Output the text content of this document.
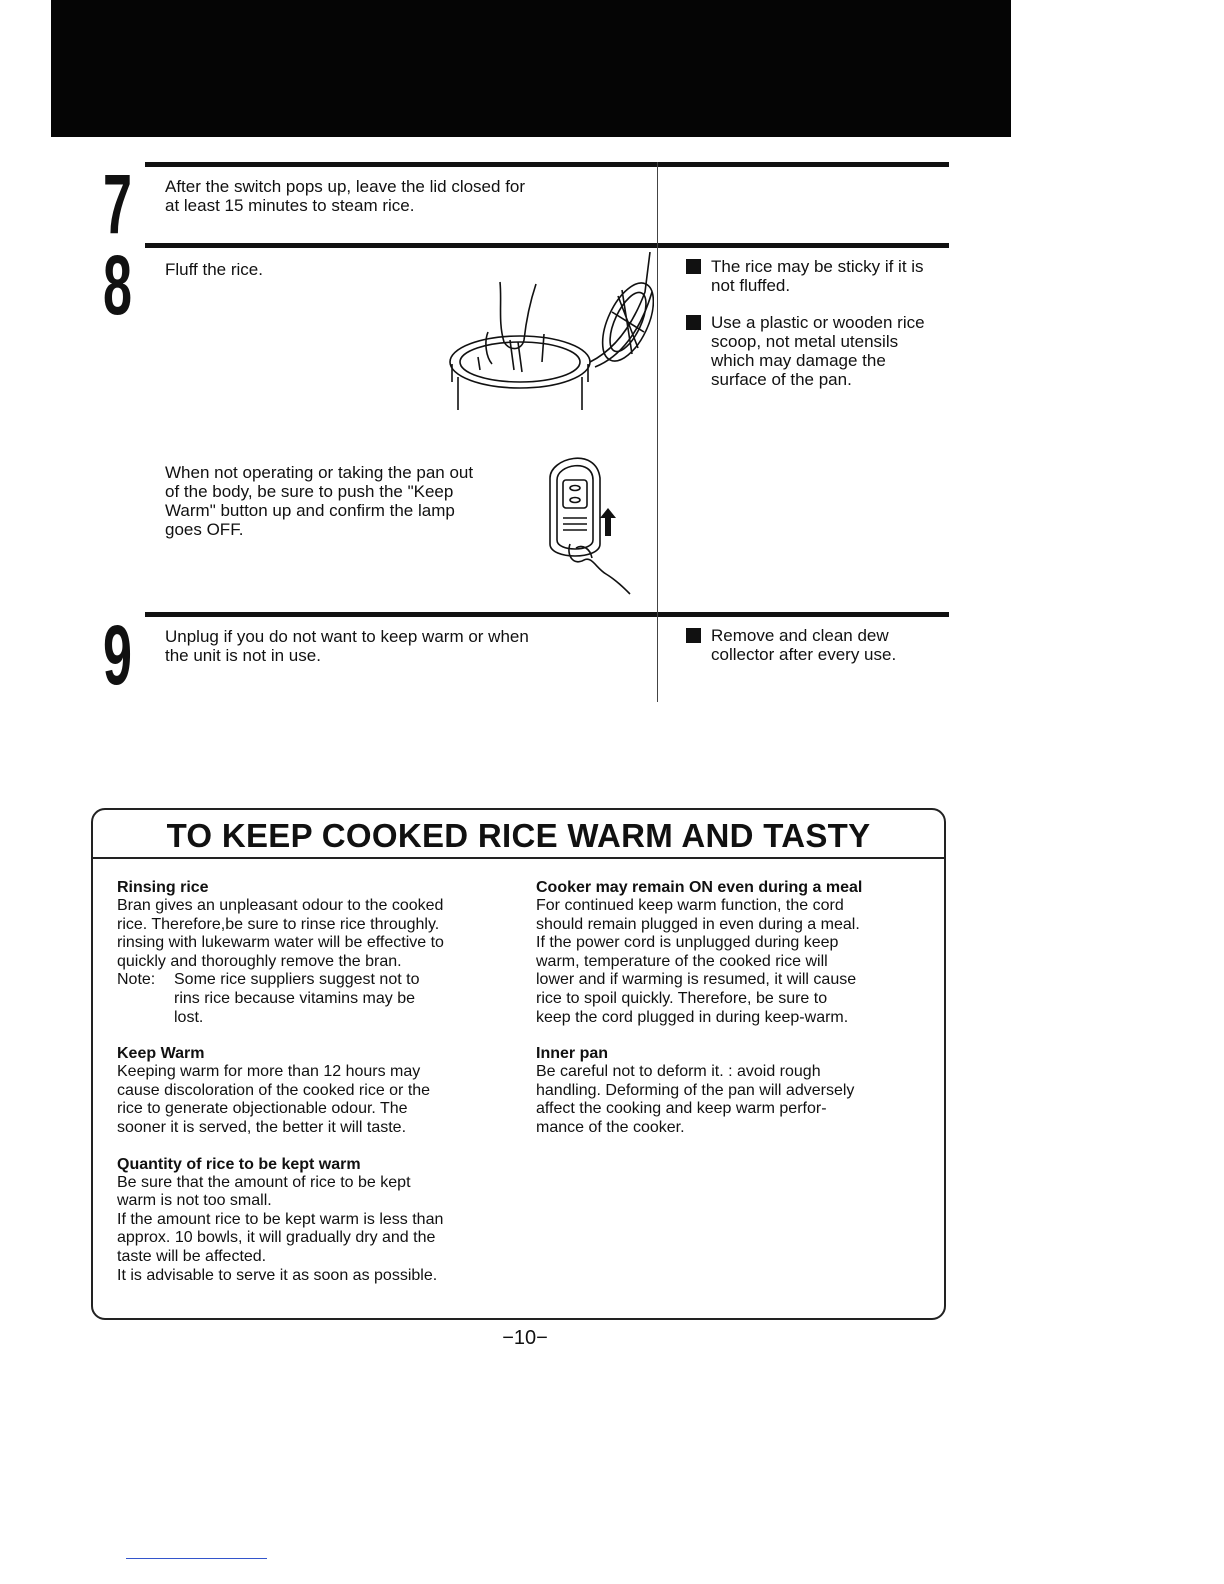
7 After the switch pops up, leave the lid closed for
at least 15 minutes to steam rice.
8 Fluff the rice.
When not operating or taking the pan out
of the body, be sure to push the "Keep
Warm" button up and confirm the lamp
goes OFF.
9 Unplug if you do not want to keep warm or when
the unit is not in use.
The rice may be sticky if it is
not fluffed.
Use a plastic or wooden rice
scoop, not metal utensils
which may damage the
surface of the pan.
Remove and clean dew
collector after every use.
TO KEEP COOKED RICE WARM AND TASTY
Rinsing rice
Bran gives an unpleasant odour to the cooked
rice. Therefore,be sure to rinse rice throughly.
rinsing with lukewarm water will be effective to
quickly and thoroughly remove the bran.
Note:	Some rice suppliers suggest not to
rins rice because vitamins may be
lost.
Keep Warm
Keeping warm for more than 12 hours may
cause discoloration of the cooked rice or the
rice to generate objectionable odour. The
sooner it is served, the better it will taste.
Quantity of rice to be kept warm
Be sure that the amount of rice to be kept
warm is not too small.
If the amount rice to be kept warm is less than
approx. 10 bowls, it will gradually dry and the
taste will be affected.
It is advisable to serve it as soon as possible.
Cooker may remain ON even during a meal
For continued keep warm function, the cord
should remain plugged in even during a meal.
If the power cord is unplugged during keep
warm, temperature of the cooked rice will
lower and if warming is resumed, it will cause
rice to spoil quickly. Therefore, be sure to
keep the cord plugged in during keep-warm.
Inner pan
Be careful not to deform it. : avoid rough
handling. Deforming of the pan will adversely
affect the cooking and keep warm perfor-
mance of the cooker.
−10−
